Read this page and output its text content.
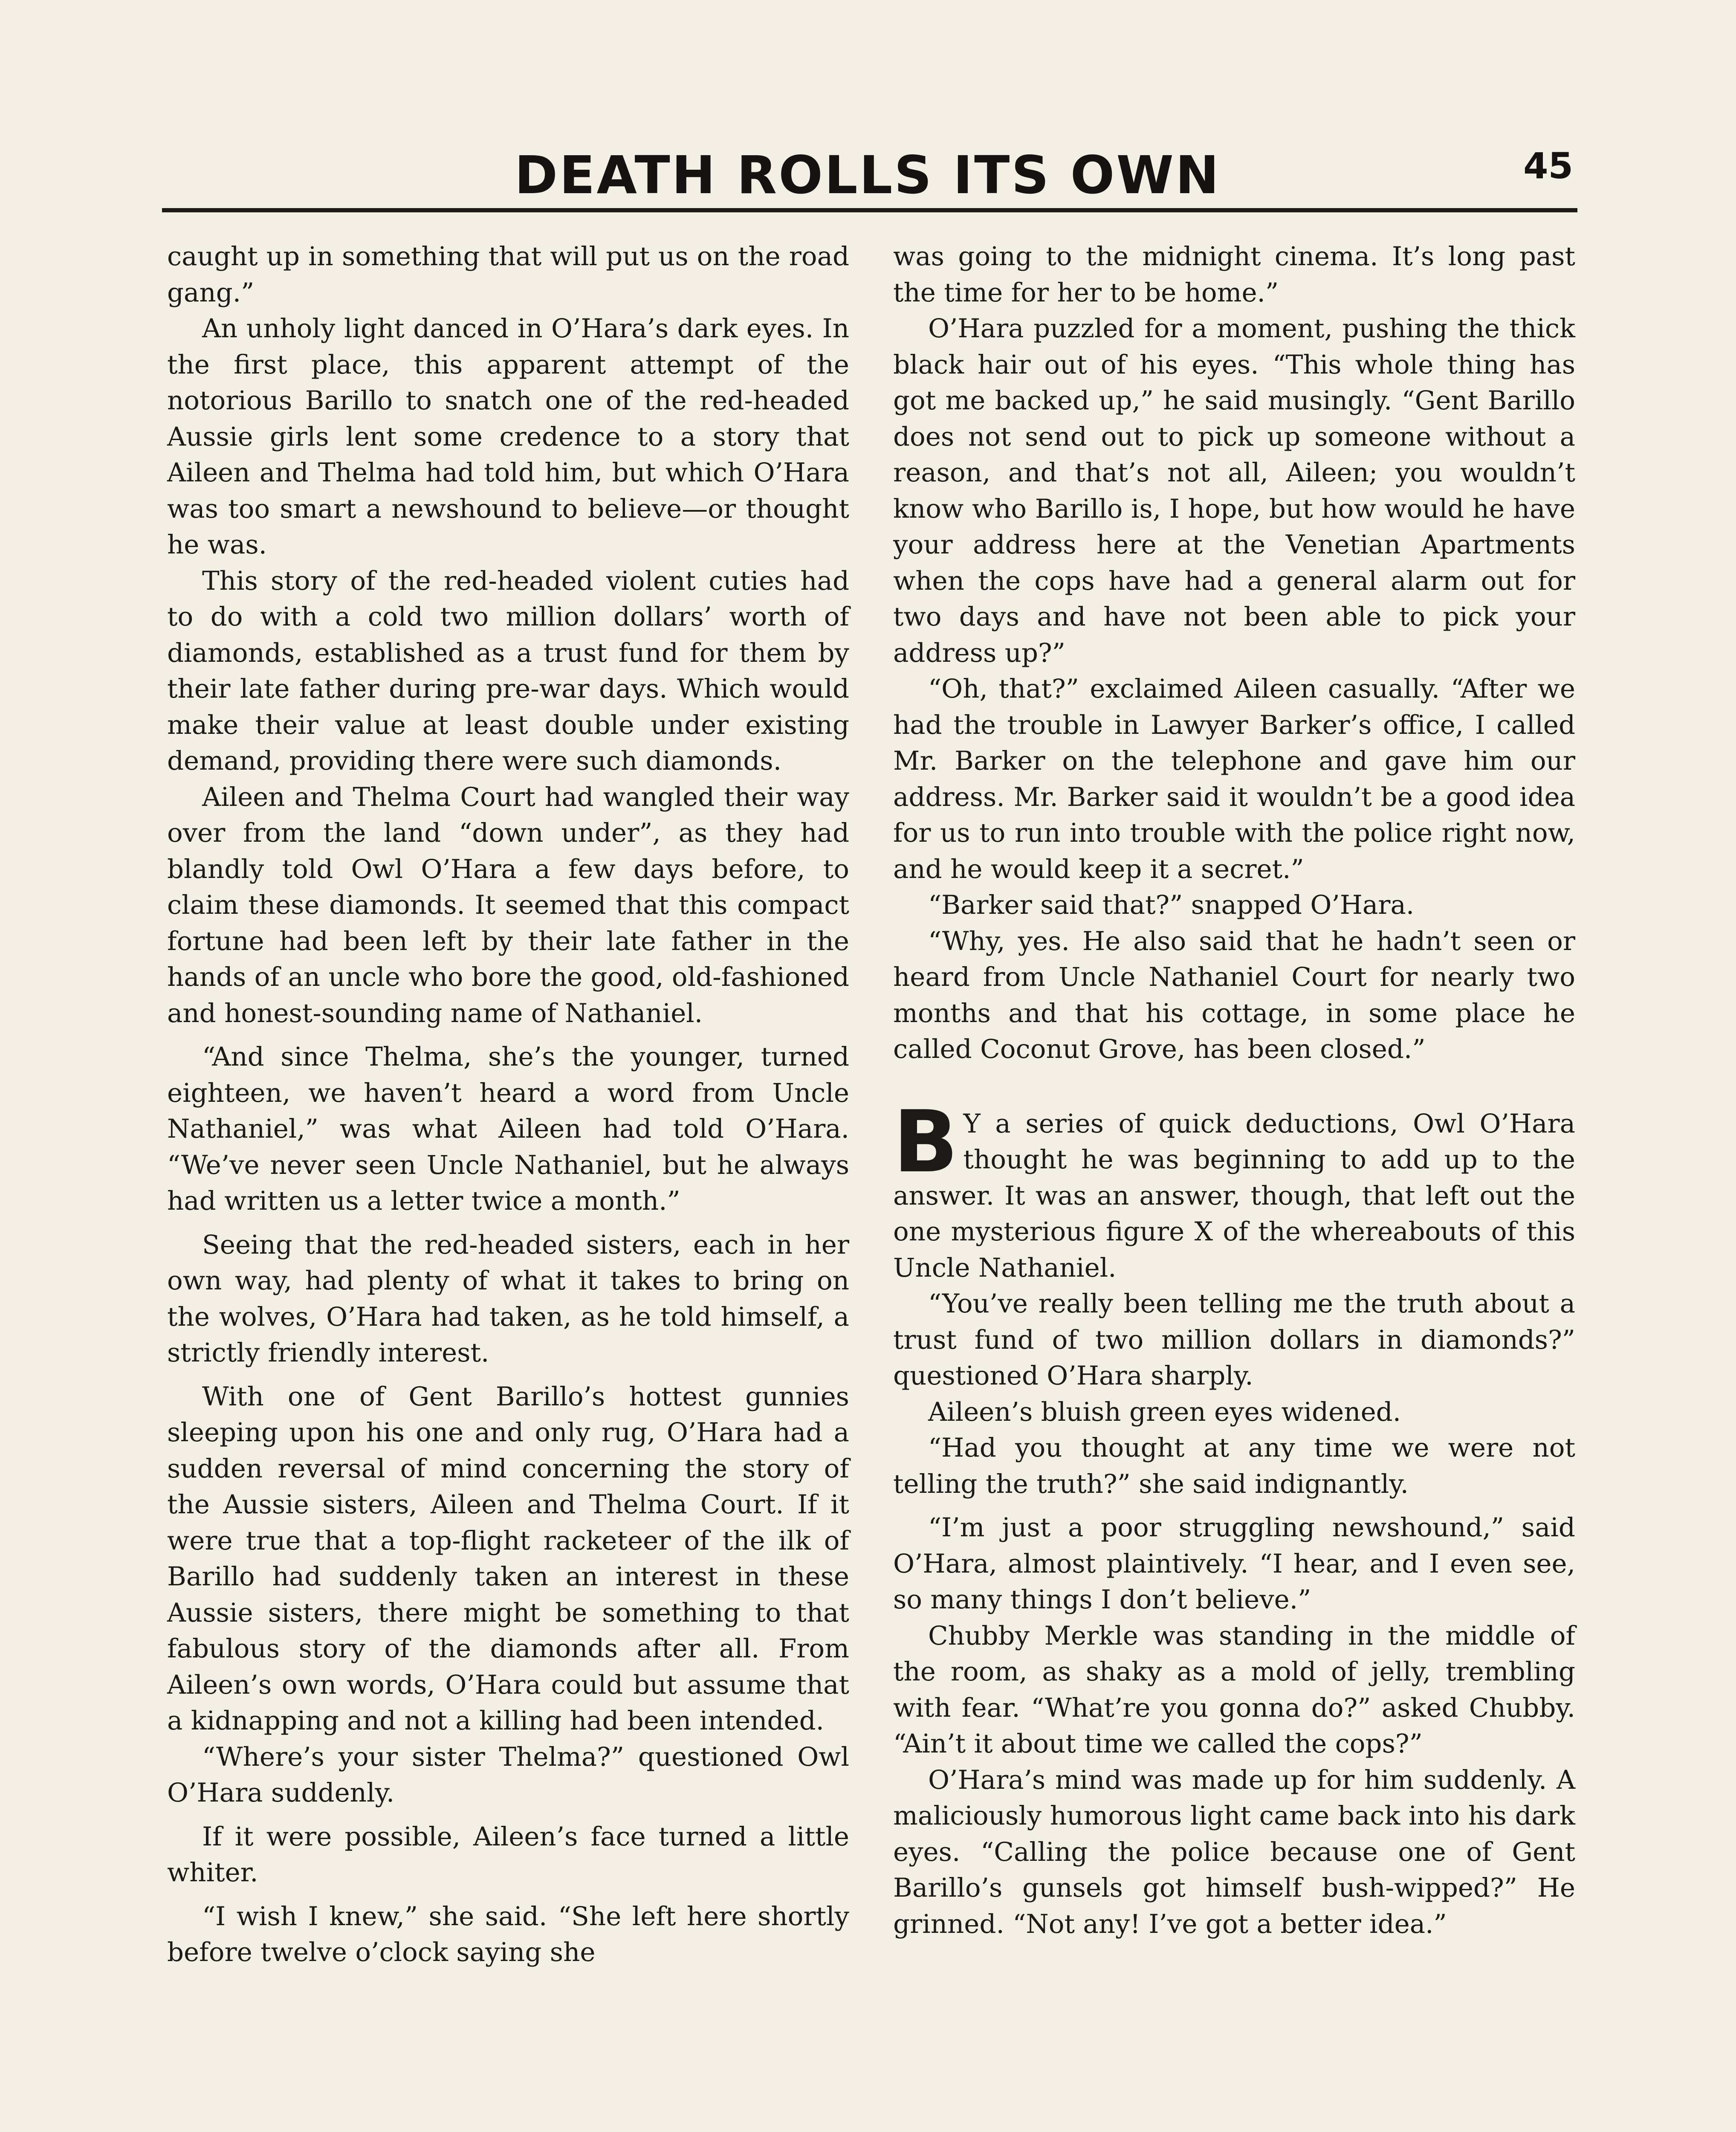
DEATH ROLLS ITS OWN	45

caught up in something that will put us on the road gang.”

An unholy light danced in O’Hara’s dark eyes. In the first place, this apparent attempt of the notorious Barillo to snatch one of the red-headed Aussie girls lent some credence to a story that Aileen and Thelma had told him, but which O’Hara was too smart a newshound to believe—or thought he was.

This story of the red-headed violent cuties had to do with a cold two million dollars’ worth of diamonds, established as a trust fund for them by their late father during pre-war days. Which would make their value at least double under existing demand, providing there were such diamonds.

Aileen and Thelma Court had wangled their way over from the land “down under”, as they had blandly told Owl O’Hara a few days before, to claim these diamonds. It seemed that this compact fortune had been left by their late father in the hands of an uncle who bore the good, old-fashioned and honest-sounding name of Nathaniel.

“And since Thelma, she’s the younger, turned eighteen, we haven’t heard a word from Uncle Nathaniel,” was what Aileen had told O’Hara. “We’ve never seen Uncle Nathaniel, but he always had written us a letter twice a month.”

Seeing that the red-headed sisters, each in her own way, had plenty of what it takes to bring on the wolves, O’Hara had taken, as he told himself, a strictly friendly interest.

With one of Gent Barillo’s hottest gunnies sleeping upon his one and only rug, O’Hara had a sudden reversal of mind concerning the story of the Aussie sisters, Aileen and Thelma Court. If it were true that a top-flight racketeer of the ilk of Barillo had suddenly taken an interest in these Aussie sisters, there might be something to that fabulous story of the diamonds after all. From Aileen’s own words, O’Hara could but assume that a kidnapping and not a killing had been intended.

“Where’s your sister Thelma?” questioned Owl O’Hara suddenly.

If it were possible, Aileen’s face turned a little whiter.

“I wish I knew,” she said. “She left here shortly before twelve o’clock saying she

was going to the midnight cinema. It’s long past the time for her to be home.”

O’Hara puzzled for a moment, pushing the thick black hair out of his eyes. “This whole thing has got me backed up,” he said musingly. “Gent Barillo does not send out to pick up someone without a reason, and that’s not all, Aileen; you wouldn’t know who Barillo is, I hope, but how would he have your address here at the Venetian Apartments when the cops have had a general alarm out for two days and have not been able to pick your address up?”

“Oh, that?” exclaimed Aileen casually. “After we had the trouble in Lawyer Barker’s office, I called Mr. Barker on the telephone and gave him our address. Mr. Barker said it wouldn’t be a good idea for us to run into trouble with the police right now, and he would keep it a secret.”

“Barker said that?” snapped O’Hara.

“Why, yes. He also said that he hadn’t seen or heard from Uncle Nathaniel Court for nearly two months and that his cottage, in some place he called Coconut Grove, has been closed.”

B Y a series of quick deductions, Owl O’Hara thought he was beginning to add up to the answer. It was an answer, though, that left out the one mysterious figure X of the whereabouts of this Uncle Nathaniel.

“You’ve really been telling me the truth about a trust fund of two million dollars in diamonds?” questioned O’Hara sharply.

Aileen’s bluish green eyes widened.

“Had you thought at any time we were not telling the truth?” she said indignantly.

“I’m just a poor struggling newshound,” said O’Hara, almost plaintively. “I hear, and I even see, so many things I don’t believe.”

Chubby Merkle was standing in the middle of the room, as shaky as a mold of jelly, trembling with fear. “What’re you gonna do?” asked Chubby. “Ain’t it about time we called the cops?”

O’Hara’s mind was made up for him suddenly. A maliciously humorous light came back into his dark eyes. “Calling the police because one of Gent Barillo’s gunsels got himself bush-wipped?” He grinned. “Not any! I’ve got a better idea.”
